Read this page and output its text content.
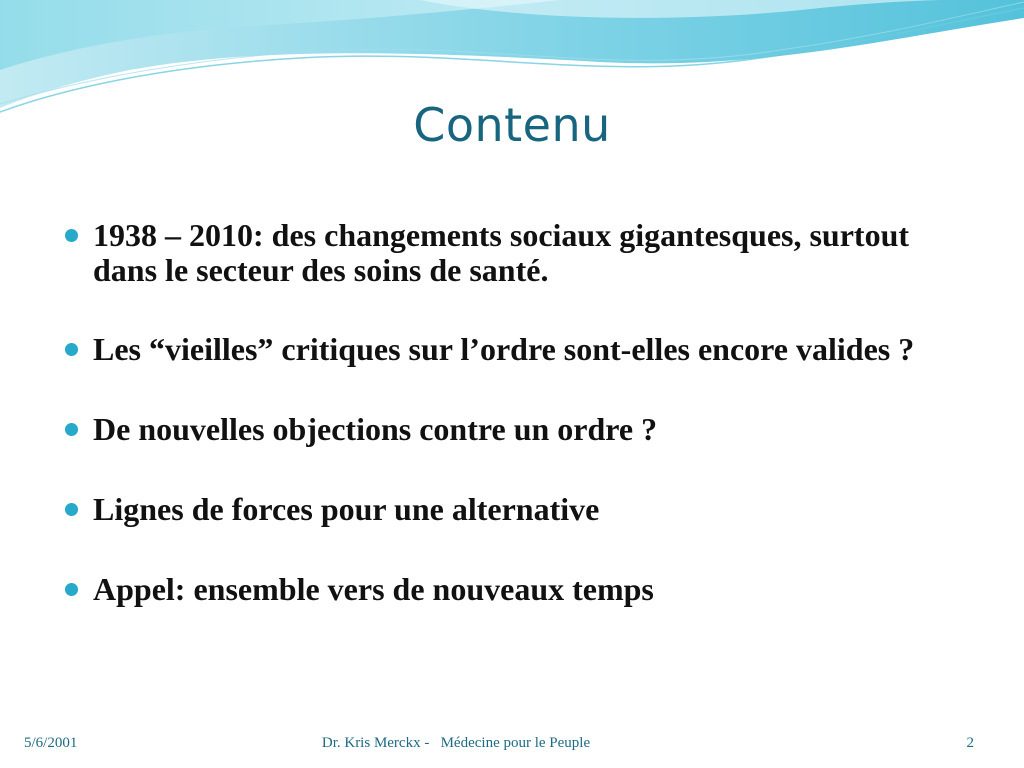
Contenu
1938 – 2010: des changements sociaux gigantesques, surtout dans le secteur des soins de santé.
Les “vieilles” critiques sur l’ordre sont-elles encore valides ?
De nouvelles objections contre un ordre ?
Lignes de forces pour une alternative
Appel: ensemble vers de nouveaux temps
5/6/2001	Dr. Kris Merckx -   Médecine pour le Peuple	2
